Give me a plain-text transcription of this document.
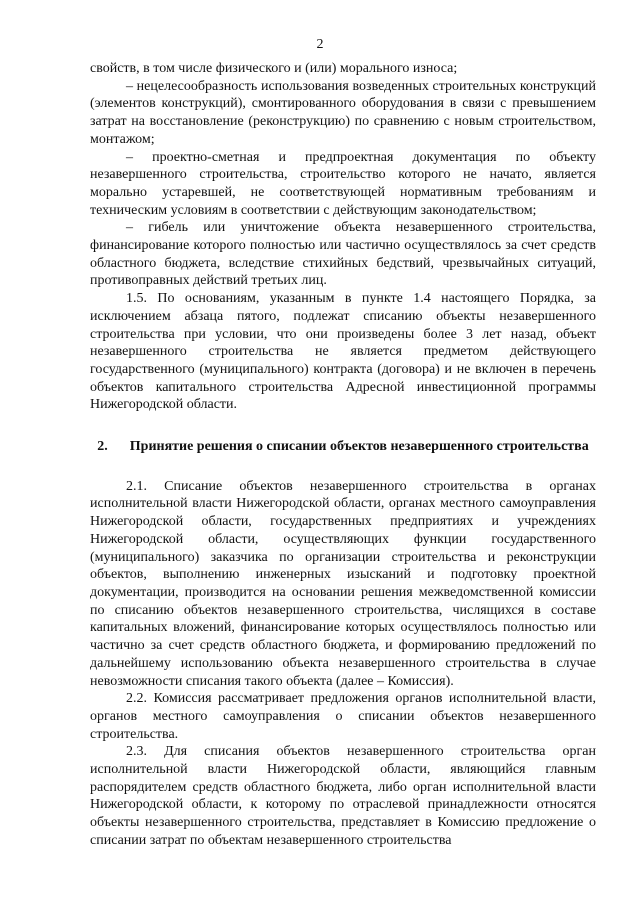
2

свойств, в том числе физического и (или) морального износа;

– нецелесообразность использования возведенных строительных конструкций (элементов конструкций), смонтированного оборудования в связи с превышением затрат на восстановление (реконструкцию) по сравнению с новым строительством, монтажом;

– проектно-сметная и предпроектная документация по объекту незавершенного строительства, строительство которого не начато, является морально устаревшей, не соответствующей нормативным требованиям и техническим условиям в соответствии с действующим законодательством;

– гибель или уничтожение объекта незавершенного строительства, финансирование которого полностью или частично осуществлялось за счет средств областного бюджета, вследствие стихийных бедствий, чрезвычайных ситуаций, противоправных действий третьих лиц.

1.5. По основаниям, указанным в пункте 1.4 настоящего Порядка, за исключением абзаца пятого, подлежат списанию объекты незавершенного строительства при условии, что они произведены более 3 лет назад, объект незавершенного строительства не является предметом действующего государственного (муниципального) контракта (договора) и не включен в перечень объектов капитального строительства Адресной инвестиционной программы Нижегородской области.

2. Принятие решения о списании объектов незавершенного строительства

2.1. Списание объектов незавершенного строительства в органах исполнительной власти Нижегородской области, органах местного самоуправления Нижегородской области, государственных предприятиях и учреждениях Нижегородской области, осуществляющих функции государственного (муниципального) заказчика по организации строительства и реконструкции объектов, выполнению инженерных изысканий и подготовку проектной документации, производится на основании решения межведомственной комиссии по списанию объектов незавершенного строительства, числящихся в составе капитальных вложений, финансирование которых осуществлялось полностью или частично за счет средств областного бюджета, и формированию предложений по дальнейшему использованию объекта незавершенного строительства в случае невозможности списания такого объекта (далее – Комиссия).

2.2. Комиссия рассматривает предложения органов исполнительной власти, органов местного самоуправления о списании объектов незавершенного строительства.

2.3. Для списания объектов незавершенного строительства орган исполнительной власти Нижегородской области, являющийся главным распорядителем средств областного бюджета, либо орган исполнительной власти Нижегородской области, к которому по отраслевой принадлежности относятся объекты незавершенного строительства, представляет в Комиссию предложение о списании затрат по объектам незавершенного строительства
